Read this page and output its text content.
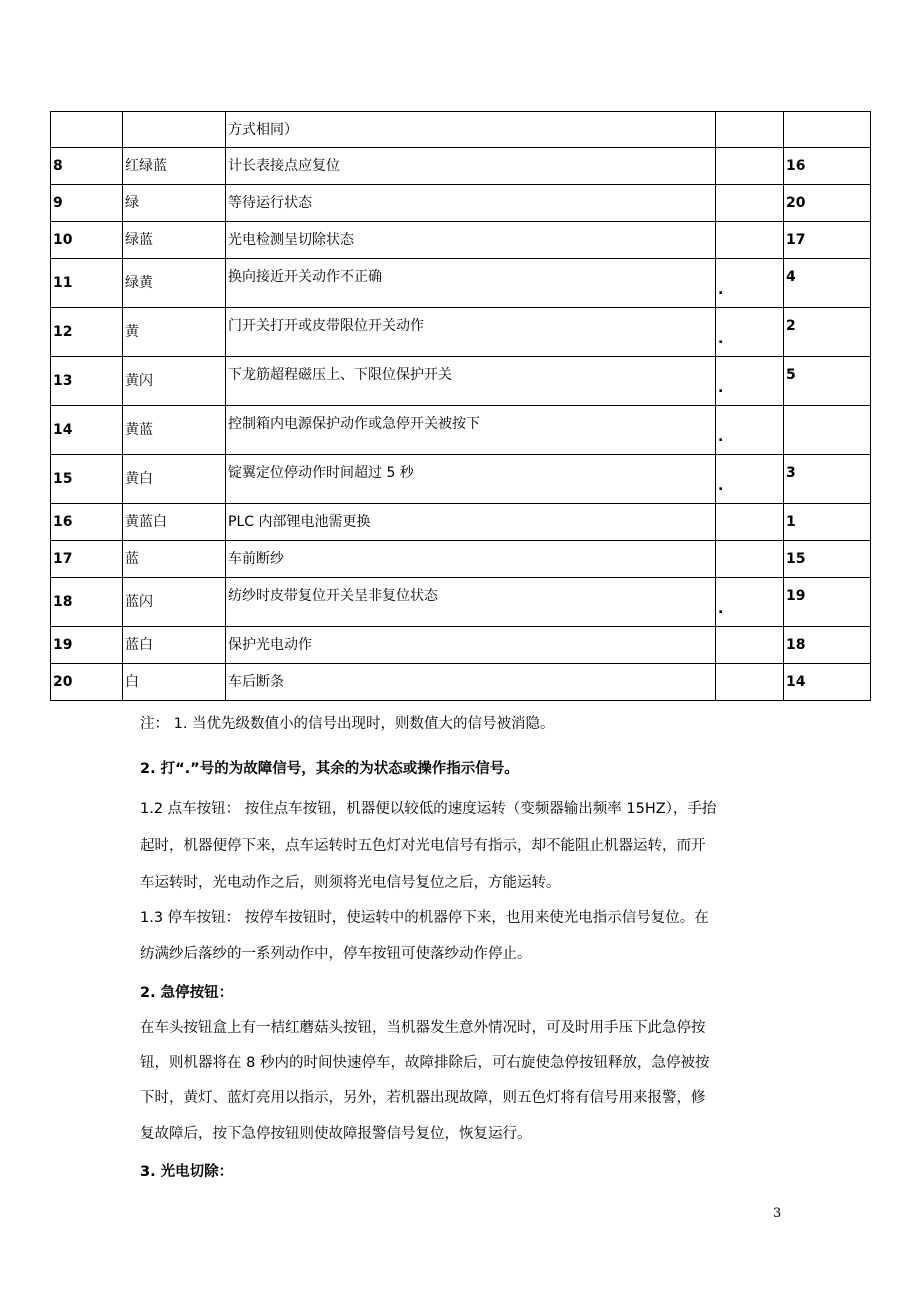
		方式相同）		
8	红绿蓝	计长表接点应复位		16
9	绿	等待运行状态		20
10	绿蓝	光电检测呈切除状态		17
11	绿黄	换向接近开关动作不正确	.	4
12	黄	门开关打开或皮带限位开关动作	.	2
13	黄闪	下龙筋超程磁压上、下限位保护开关	.	5
14	黄蓝	控制箱内电源保护动作或急停开关被按下	.	
15	黄白	锭翼定位停动作时间超过 5 秒	.	3
16	黄蓝白	PLC 内部锂电池需更换		1
17	蓝	车前断纱		15
18	蓝闪	纺纱时皮带复位开关呈非复位状态	.	19
19	蓝白	保护光电动作		18
20	白	车后断条		14
注： 1. 当优先级数值小的信号出现时，则数值大的信号被消隐。
2. 打“.”号的为故障信号，其余的为状态或操作指示信号。
1.2 点车按钮： 按住点车按钮，机器便以较低的速度运转（变频器输出频率 15HZ），手抬
起时，机器便停下来，点车运转时五色灯对光电信号有指示，却不能阻止机器运转，而开
车运转时，光电动作之后，则须将光电信号复位之后，方能运转。
1.3 停车按钮： 按停车按钮时，使运转中的机器停下来，也用来使光电指示信号复位。在
纺满纱后落纱的一系列动作中，停车按钮可使落纱动作停止。
2. 急停按钮：
在车头按钮盒上有一桔红蘑菇头按钮，当机器发生意外情况时，可及时用手压下此急停按
钮，则机器将在 8 秒内的时间快速停车，故障排除后，可右旋使急停按钮释放，急停被按
下时，黄灯、蓝灯亮用以指示，另外，若机器出现故障，则五色灯将有信号用来报警，修
复故障后，按下急停按钮则使故障报警信号复位，恢复运行。
3. 光电切除：
3
